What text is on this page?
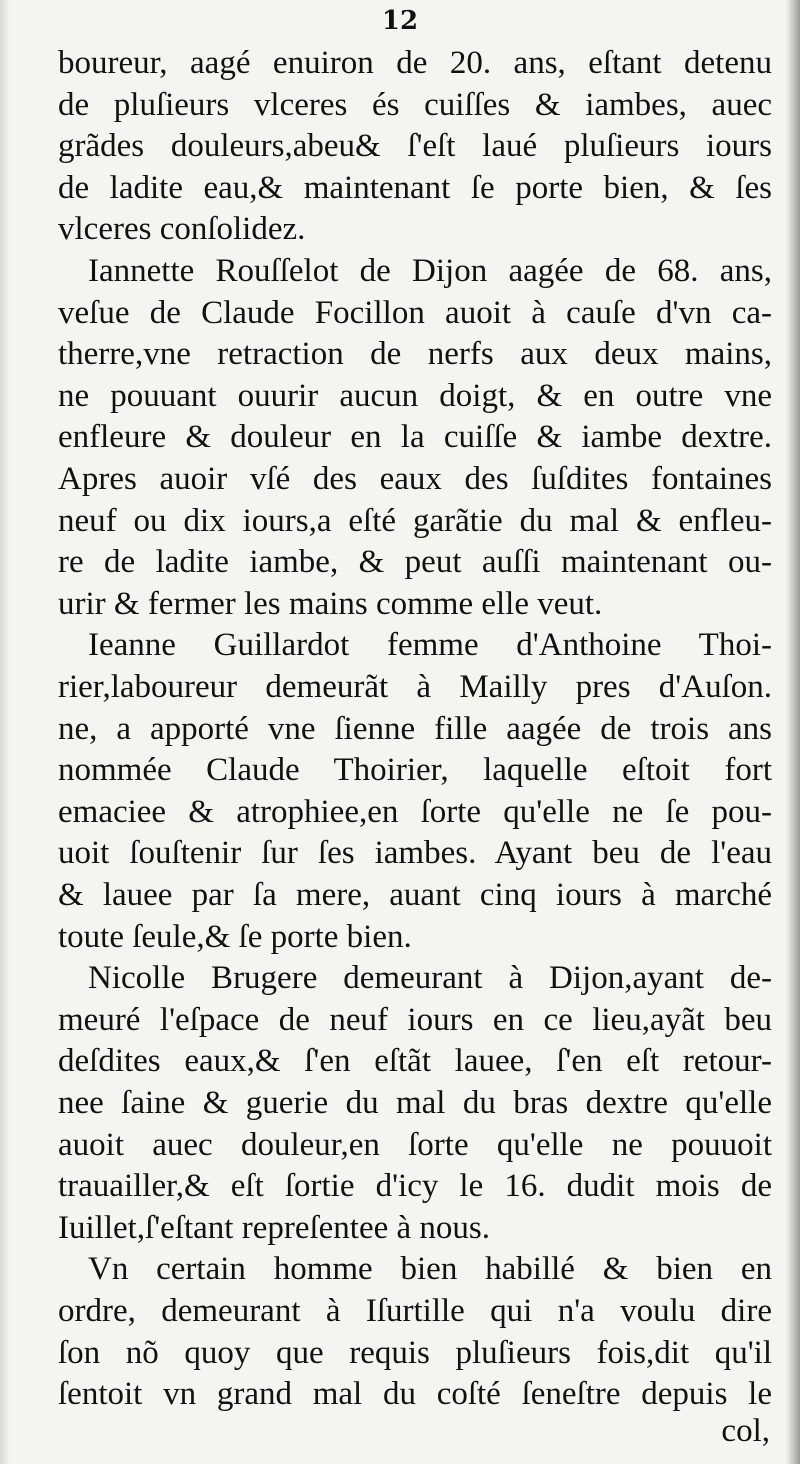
12
boureur, aagé enuiron de 20. ans, eſtant detenu
de pluſieurs vlceres és cuiſſes & iambes, auec
grãdes douleurs,abeu& ſ'eſt laué pluſieurs iours
de ladite eau,& maintenant ſe porte bien, & ſes
vlceres conſolidez.
Iannette Rouſſelot de Dijon aagée de 68. ans,
veſue de Claude Focillon auoit à cauſe d'vn ca-
therre,vne retraction de nerfs aux deux mains,
ne pouuant ouurir aucun doigt, & en outre vne
enfleure & douleur en la cuiſſe & iambe dextre.
Apres auoir vſé des eaux des ſuſdites fontaines
neuf ou dix iours,a eſté garãtie du mal & enfleu-
re de ladite iambe, & peut auſſi maintenant ou-
urir & fermer les mains comme elle veut.
Ieanne Guillardot femme d'Anthoine Thoi-
rier,laboureur demeurãt à Mailly pres d'Auſon.
ne, a apporté vne ſienne fille aagée de trois ans
nommée Claude Thoirier, laquelle eſtoit fort
emaciee & atrophiee,en ſorte qu'elle ne ſe pou-
uoit ſouſtenir ſur ſes iambes. Ayant beu de l'eau
& lauee par ſa mere, auant cinq iours à marché
toute ſeule,& ſe porte bien.
Nicolle Brugere demeurant à Dijon,ayant de-
meuré l'eſpace de neuf iours en ce lieu,ayãt beu
deſdites eaux,& ſ'en eſtãt lauee, ſ'en eſt retour-
nee ſaine & guerie du mal du bras dextre qu'elle
auoit auec douleur,en ſorte qu'elle ne pouuoit
trauailler,& eſt ſortie d'icy le 16. dudit mois de
Iuillet,ſ'eſtant repreſentee à nous.
Vn certain homme bien habillé & bien en
ordre, demeurant à Iſurtille qui n'a voulu dire
ſon nõ quoy que requis pluſieurs fois,dit qu'il
ſentoit vn grand mal du coſté ſeneſtre depuis le
col,
